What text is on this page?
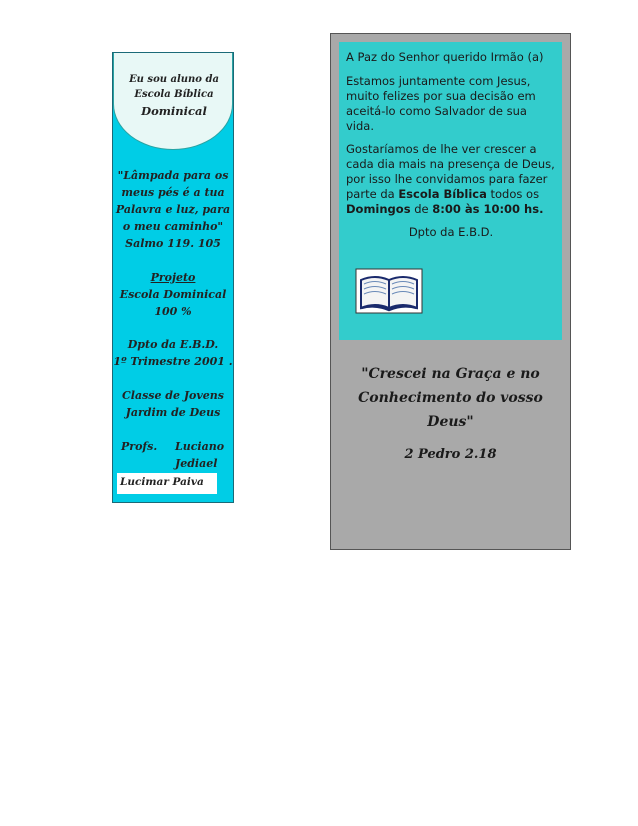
Eu sou aluno da
Escola Bíblica
Dominical
"Lâmpada para os
meus pés é a tua
Palavra e luz, para
o meu caminho"
Salmo 119. 105
Projeto
Escola Dominical
100 %
Dpto da E.B.D.
1º Trimestre 2001 .
Classe de Jovens
Jardim de Deus
Profs. Luciano
Jediael
Lucimar Paiva

A Paz do Senhor querido Irmão (a)

Estamos juntamente com Jesus, muito felizes por sua decisão em aceitá-lo como Salvador de sua vida.

Gostaríamos de lhe ver crescer a cada dia mais na presença de Deus, por isso lhe convidamos para fazer parte da Escola Bíblica todos os Domingos de 8:00 às 10:00 hs.

Dpto da E.B.D.

"Crescei na Graça e no
Conhecimento do vosso
Deus"
2 Pedro 2.18
